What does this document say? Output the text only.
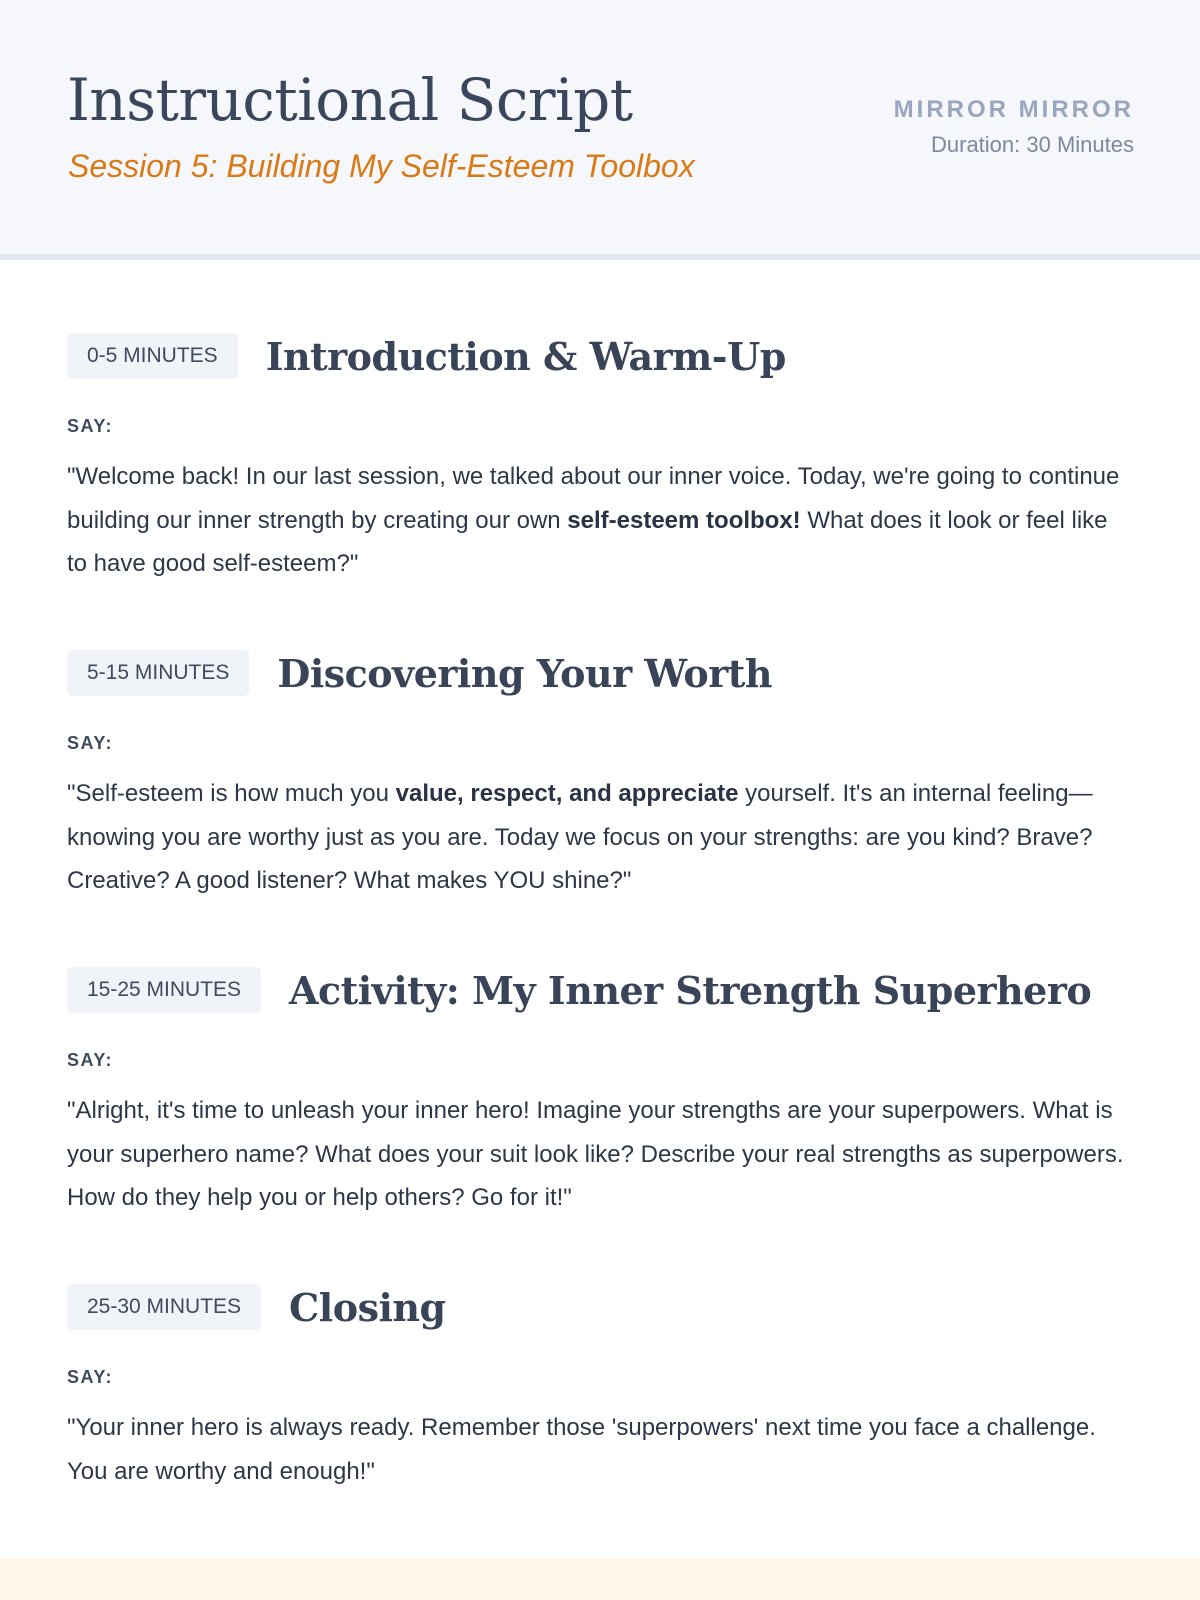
Instructional Script
Session 5: Building My Self-Esteem Toolbox
MIRROR MIRROR
Duration: 30 Minutes
0-5 MINUTES	Introduction & Warm-Up
SAY:

"Welcome back! In our last session, we talked about our inner voice. Today, we're going to continue building our inner strength by creating our own self-esteem toolbox! What does it look or feel like to have good self-esteem?"

5-15 MINUTES	Discovering Your Worth
SAY:

"Self-esteem is how much you value, respect, and appreciate yourself. It's an internal feeling—knowing you are worthy just as you are. Today we focus on your strengths: are you kind? Brave? Creative? A good listener? What makes YOU shine?"

15-25 MINUTES	Activity: My Inner Strength Superhero
SAY:

"Alright, it's time to unleash your inner hero! Imagine your strengths are your superpowers. What is your superhero name? What does your suit look like? Describe your real strengths as superpowers. How do they help you or help others? Go for it!"

25-30 MINUTES	Closing
SAY:

"Your inner hero is always ready. Remember those 'superpowers' next time you face a challenge. You are worthy and enough!"
